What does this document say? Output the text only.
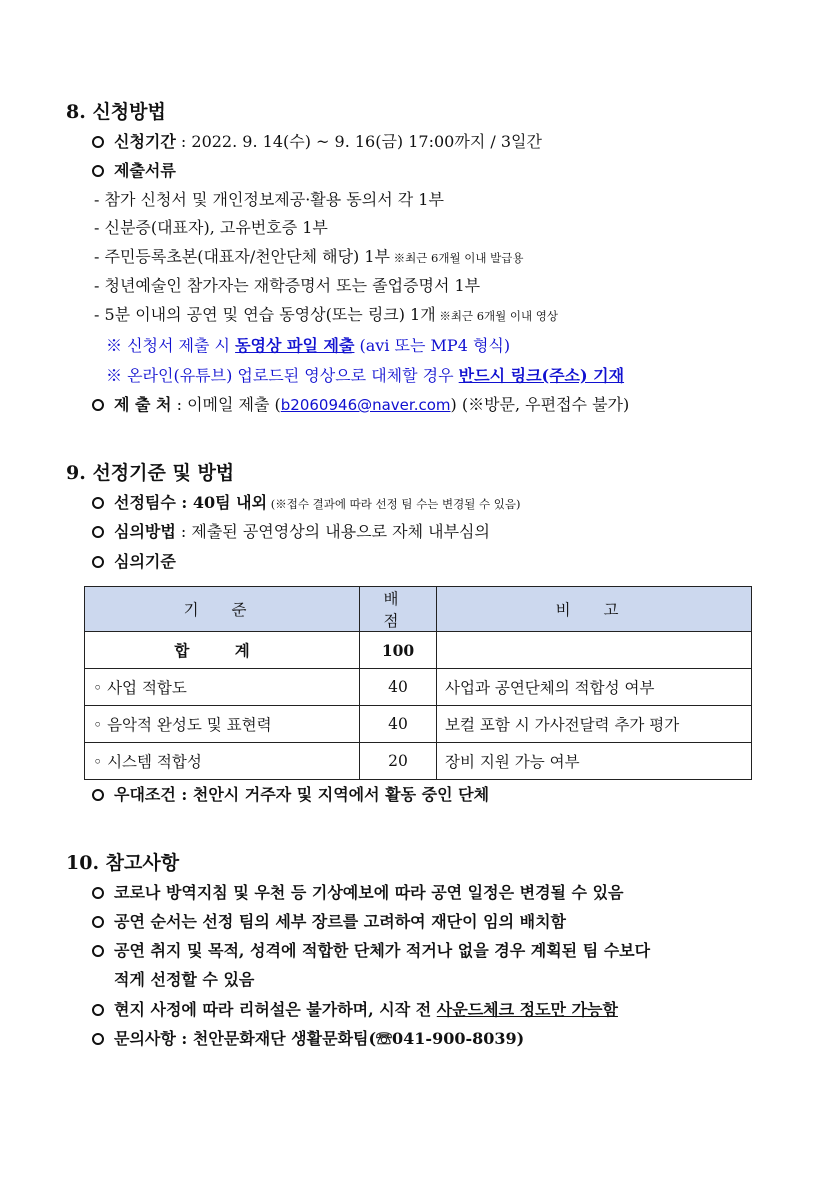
8. 신청방법
신청기간 : 2022. 9. 14(수) ~ 9. 16(금) 17:00까지 / 3일간
제출서류
- 참가 신청서 및 개인정보제공·활용 동의서 각 1부
- 신분증(대표자), 고유번호증 1부
- 주민등록초본(대표자/천안단체 해당) 1부 ※최근 6개월 이내 발급용
- 청년예술인 참가자는 재학증명서 또는 졸업증명서 1부
- 5분 이내의 공연 및 연습 동영상(또는 링크) 1개 ※최근 6개월 이내 영상
※ 신청서 제출 시 동영상 파일 제출 (avi 또는 MP4 형식)
※ 온라인(유튜브) 업로드된 영상으로 대체할 경우 반드시 링크(주소) 기재
제 출 처 : 이메일 제출 (b2060946@naver.com) (※방문, 우편접수 불가)
9. 선정기준 및 방법
선정팀수 : 40팀 내외 (※접수 결과에 따라 선정 팀 수는 변경될 수 있음)
심의방법 : 제출된 공연영상의 내용으로 자체 내부심의
심의기준
기 준	배 점	비 고
합 계	100	
◦ 사업 적합도	40	사업과 공연단체의 적합성 여부
◦ 음악적 완성도 및 표현력	40	보컬 포함 시 가사전달력 추가 평가
◦ 시스템 적합성	20	장비 지원 가능 여부
우대조건 : 천안시 거주자 및 지역에서 활동 중인 단체
10. 참고사항
코로나 방역지침 및 우천 등 기상예보에 따라 공연 일정은 변경될 수 있음
공연 순서는 선정 팀의 세부 장르를 고려하여 재단이 임의 배치함
공연 취지 및 목적, 성격에 적합한 단체가 적거나 없을 경우 계획된 팀 수보다
적게 선정할 수 있음
현지 사정에 따라 리허설은 불가하며, 시작 전 사운드체크 정도만 가능함
문의사항 : 천안문화재단 생활문화팀(☏041-900-8039)
